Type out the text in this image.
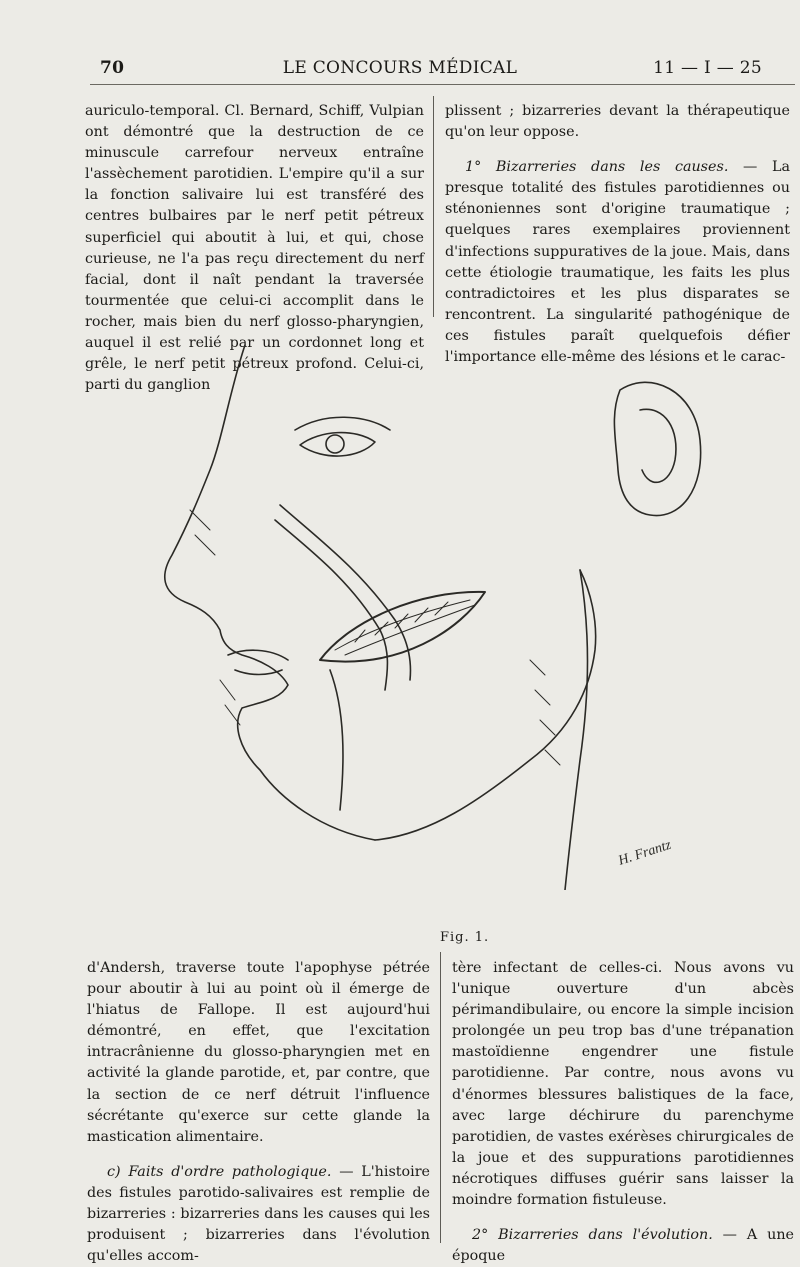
70	LE CONCOURS MÉDICAL	11 — I — 25

auriculo-temporal. Cl. Bernard, Schiff, Vulpian ont démontré que la destruction de ce minuscule carrefour nerveux entraîne l'assèchement parotidien. L'empire qu'il a sur la fonction salivaire lui est transféré des centres bulbaires par le nerf petit pétreux superficiel qui aboutit à lui, et qui, chose curieuse, ne l'a pas reçu directement du nerf facial, dont il naît pendant la traversée tourmentée que celui-ci accomplit dans le rocher, mais bien du nerf glosso-pharyngien, auquel il est relié par un cordonnet long et grêle, le nerf petit pétreux profond. Celui-ci, parti du ganglion

plissent ; bizarreries devant la thérapeutique qu'on leur oppose.

1° Bizarreries dans les causes. — La presque totalité des fistules parotidiennes ou sténoniennes sont d'origine traumatique ; quelques rares exemplaires proviennent d'infections suppuratives de la joue. Mais, dans cette étiologie traumatique, les faits les plus contradictoires et les plus disparates se rencontrent. La singularité pathogénique de ces fistules paraît quelquefois défier l'importance elle-même des lésions et le carac-

H. Frantz
Fig. 1.

d'Andersh, traverse toute l'apophyse pétrée pour aboutir à lui au point où il émerge de l'hiatus de Fallope. Il est aujourd'hui démontré, en effet, que l'excitation intracrânienne du glosso-pharyngien met en activité la glande parotide, et, par contre, que la section de ce nerf détruit l'influence sécrétante qu'exerce sur cette glande la mastication alimentaire.

c) Faits d'ordre pathologique. — L'histoire des fistules parotido-salivaires est remplie de bizarreries : bizarreries dans les causes qui les produisent ; bizarreries dans l'évolution qu'elles accom-

tère infectant de celles-ci. Nous avons vu l'unique ouverture d'un abcès périmandibulaire, ou encore la simple incision prolongée un peu trop bas d'une trépanation mastoïdienne engendrer une fistule parotidienne. Par contre, nous avons vu d'énormes blessures balistiques de la face, avec large déchirure du parenchyme parotidien, de vastes exérèses chirurgicales de la joue et des suppurations parotidiennes nécrotiques diffuses guérir sans laisser la moindre formation fistuleuse.

2° Bizarreries dans l'évolution. — A une époque
